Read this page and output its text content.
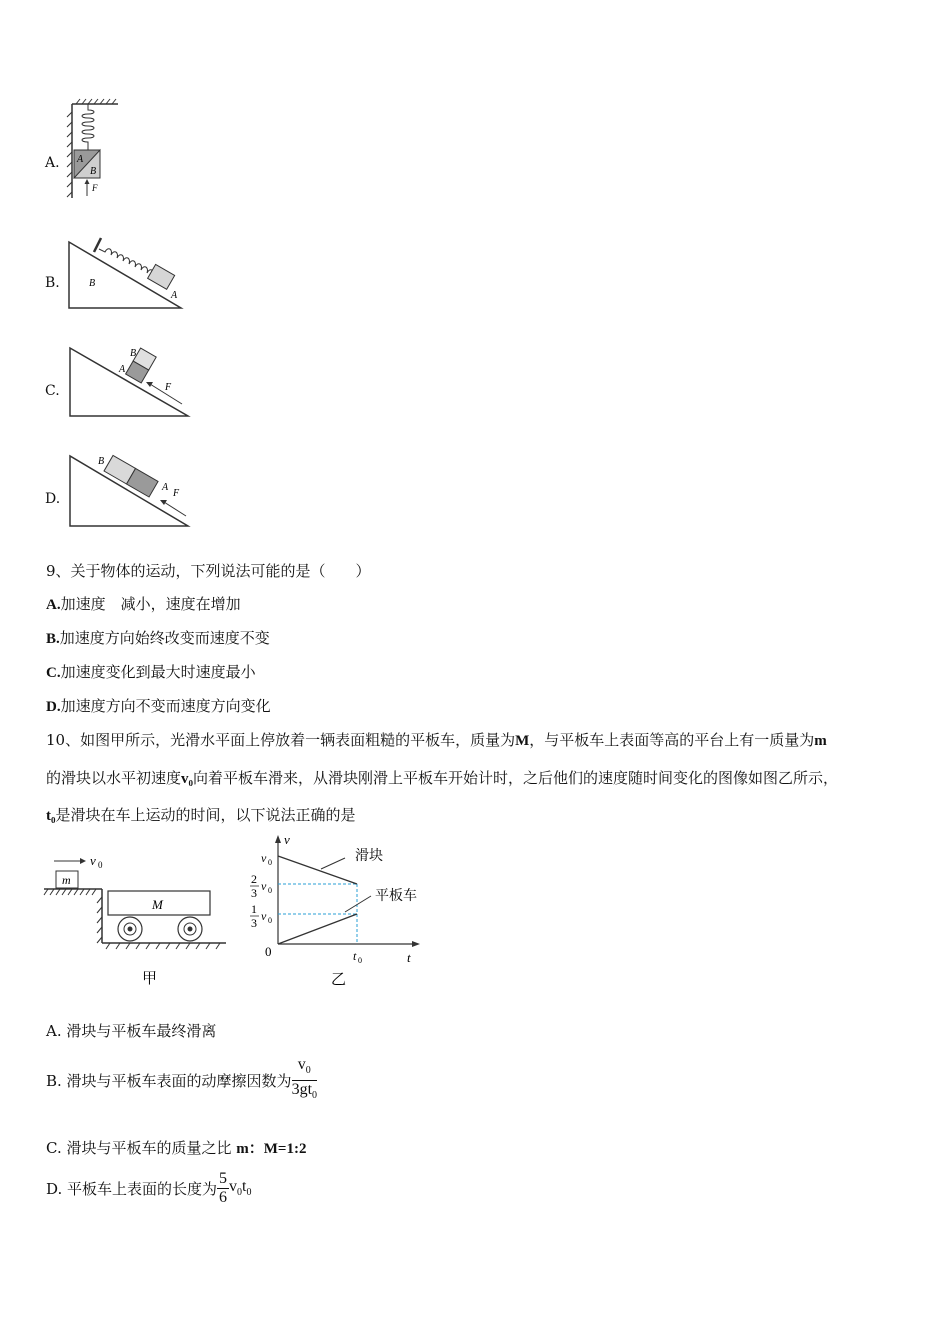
A. A
B
F
B.	B
A
C.
B
A
F
D.
B
A
F
9、关于物体的运动，下列说法可能的是（　　）
A.加速度　减小，速度在增加
B.加速度方向始终改变而速度不变
C.加速度变化到最大时速度最小
D.加速度方向不变而速度方向变化
10、如图甲所示，光滑水平面上停放着一辆表面粗糙的平板车，质量为M，与平板车上表面等高的平台上有一质量为m
的滑块以水平初速度v₀向着平板车滑来，从滑块刚滑上平板车开始计时，之后他们的速度随时间变化的图像如图乙所示，
t₀是滑块在车上运动的时间，以下说法正确的是
v 0
m
M
甲
v
t
0
v 0
2
3 v 0
1
3 v 0
滑块
平板车
t 0
乙
A. 滑块与平板车最终滑离
B. 滑块与平板车表面的动摩擦因数为 $\frac{v_0}{3gt_0}$
C. 滑块与平板车的质量之比 m：M=1:2
D. 平板车上表面的长度为 $\frac{5}{6} v_0t_0$
